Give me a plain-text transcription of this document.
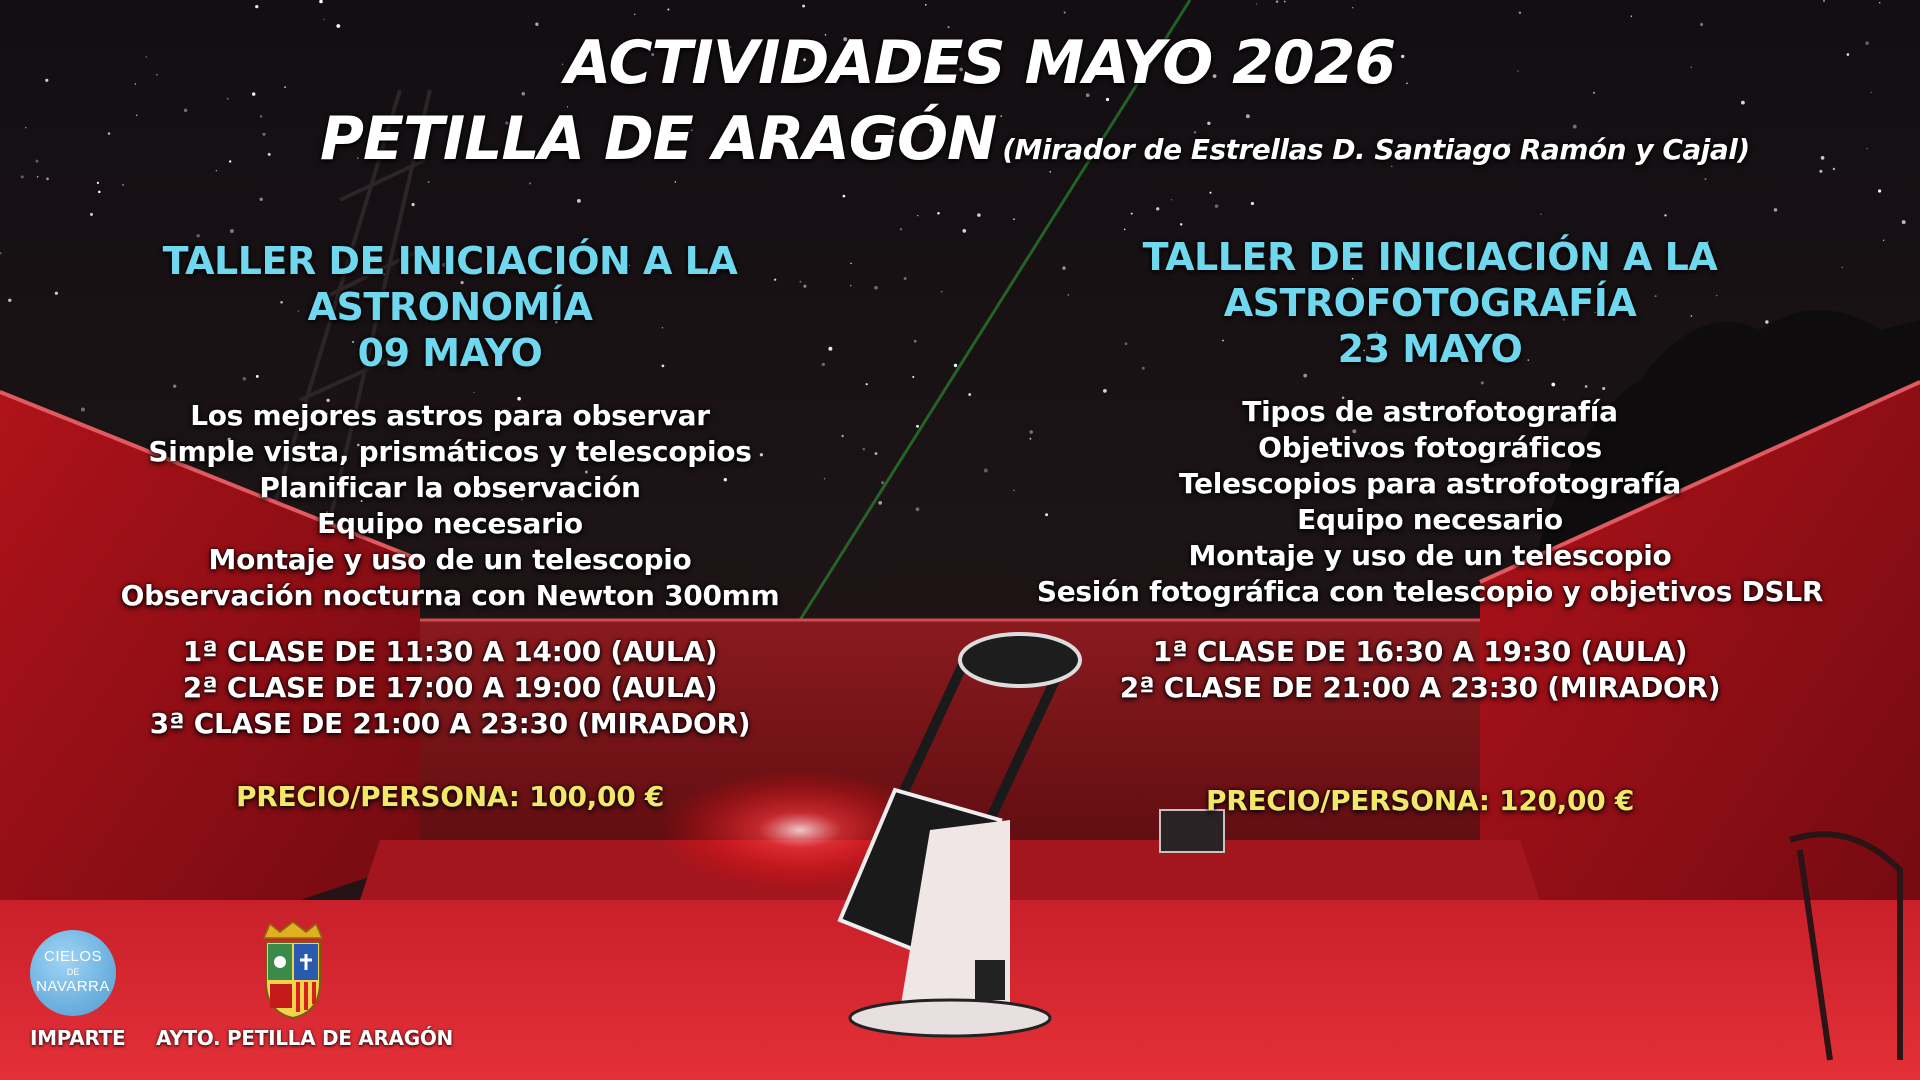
ACTIVIDADES MAYO 2026
PETILLA DE ARAGÓN (Mirador de Estrellas D. Santiago Ramón y Cajal)
TALLER DE INICIACIÓN A LA ASTRONOMÍA
09 MAYO
Los mejores astros para observar
Simple vista, prismáticos y telescopios
Planificar la observación
Equipo necesario
Montaje y uso de un telescopio
Observación nocturna con Newton 300mm
1ª CLASE DE 11:30 A 14:00 (AULA)
2ª CLASE DE 17:00 A 19:00 (AULA)
3ª CLASE DE 21:00 A 23:30 (MIRADOR)
PRECIO/PERSONA: 100,00 €
TALLER DE INICIACIÓN A LA ASTROFOTOGRAFÍA
23 MAYO
Tipos de astrofotografía
Objetivos fotográficos
Telescopios para astrofotografía
Equipo necesario
Montaje y uso de un telescopio
Sesión fotográfica con telescopio y objetivos DSLR
1ª CLASE DE 16:30 A 19:30 (AULA)
2ª CLASE DE 21:00 A 23:30 (MIRADOR)
PRECIO/PERSONA: 120,00 €
CIELOS
DE
NAVARRA
IMPARTE AYTO. PETILLA DE ARAGÓN
